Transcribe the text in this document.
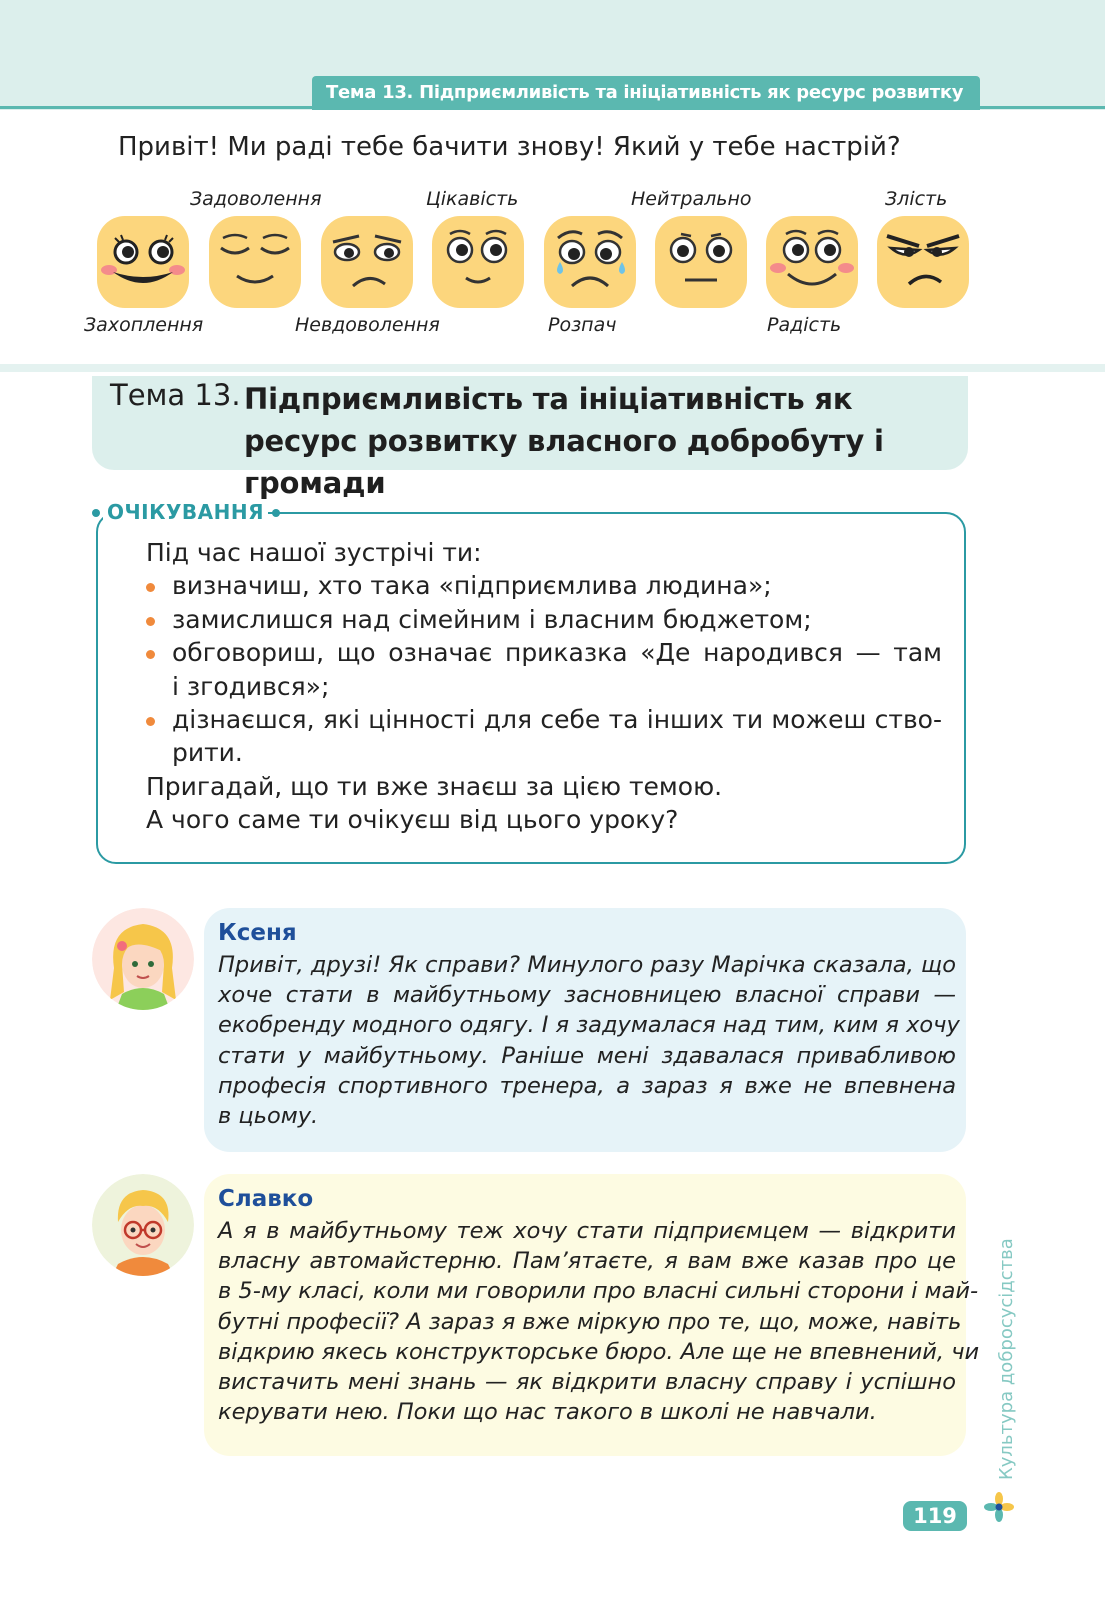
Тема 13. Підприємливість та ініціативність як ресурс розвитку
Привіт! Ми раді тебе бачити знову! Який у тебе настрій?
Задоволення	Цікавість	Нейтрально	Злість
Захоплення	Невдоволення	Розпач	Радість
Тема 13. Підприємливість та ініціативність як ресурс розвитку власного добробуту і громади
ОЧІКУВАННЯ
Під час нашої зустрічі ти:
визначиш, хто така «підприємлива людина»;
замислишся над сімейним і власним бюджетом;
обговориш, що означає приказка «Де народився — там
і згодився»;
дізнаєшся, які цінності для себе та інших ти можеш ство-
рити.
Пригадай, що ти вже знаєш за цією темою.
А чого саме ти очікуєш від цього уроку?
Ксеня
Привіт, друзі! Як справи? Минулого разу Марічка сказала, що
хоче стати в майбутньому засновницею власної справи —
екобренду модного одягу. І я задумалася над тим, ким я хочу
стати у майбутньому. Раніше мені здавалася привабливою
професія спортивного тренера, а зараз я вже не впевнена
в цьому.
Славко
А я в майбутньому теж хочу стати підприємцем — відкрити
власну автомайстерню. Пам’ятаєте, я вам вже казав про це
в 5-му класі, коли ми говорили про власні сильні сторони і май-
бутні професії? А зараз я вже міркую про те, що, може, навіть
відкрию якесь конструкторське бюро. Але ще не впевнений, чи
вистачить мені знань — як відкрити власну справу і успішно
керувати нею. Поки що нас такого в школі не навчали.	Культура добросусідства
119
